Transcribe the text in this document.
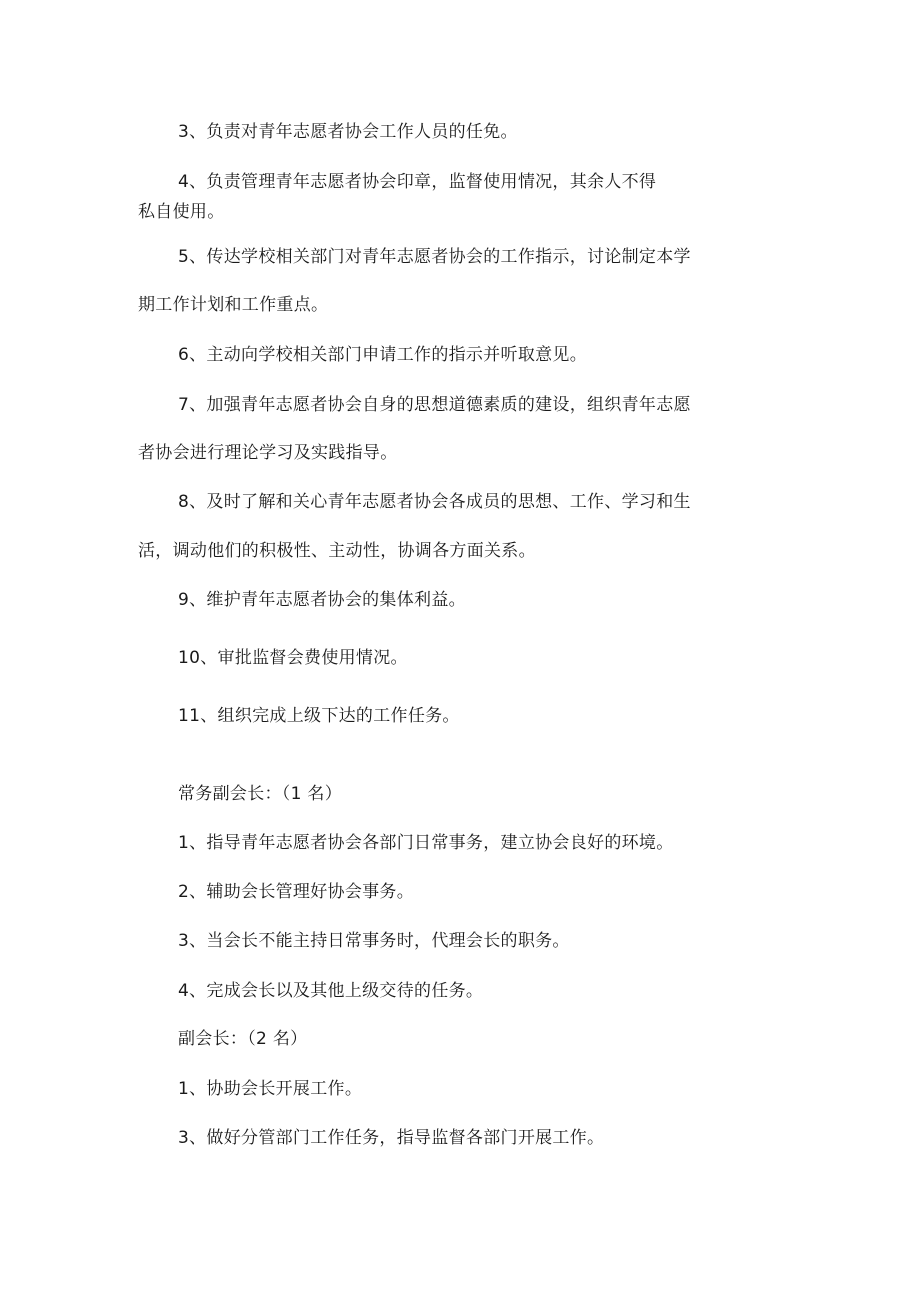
3、负责对青年志愿者协会工作人员的任免。
4、负责管理青年志愿者协会印章，监督使用情况，其余人不得
私自使用。
5、传达学校相关部门对青年志愿者协会的工作指示，讨论制定本学
期工作计划和工作重点。
6、主动向学校相关部门申请工作的指示并听取意见。
7、加强青年志愿者协会自身的思想道德素质的建设，组织青年志愿
者协会进行理论学习及实践指导。
8、及时了解和关心青年志愿者协会各成员的思想、工作、学习和生
活，调动他们的积极性、主动性，协调各方面关系。
9、维护青年志愿者协会的集体利益。
10、审批监督会费使用情况。
11、组织完成上级下达的工作任务。
常务副会长：（1 名）
1、指导青年志愿者协会各部门日常事务，建立协会良好的环境。
2、辅助会长管理好协会事务。
3、当会长不能主持日常事务时，代理会长的职务。
4、完成会长以及其他上级交待的任务。
副会长：（2 名）
1、协助会长开展工作。
3、做好分管部门工作任务，指导监督各部门开展工作。
